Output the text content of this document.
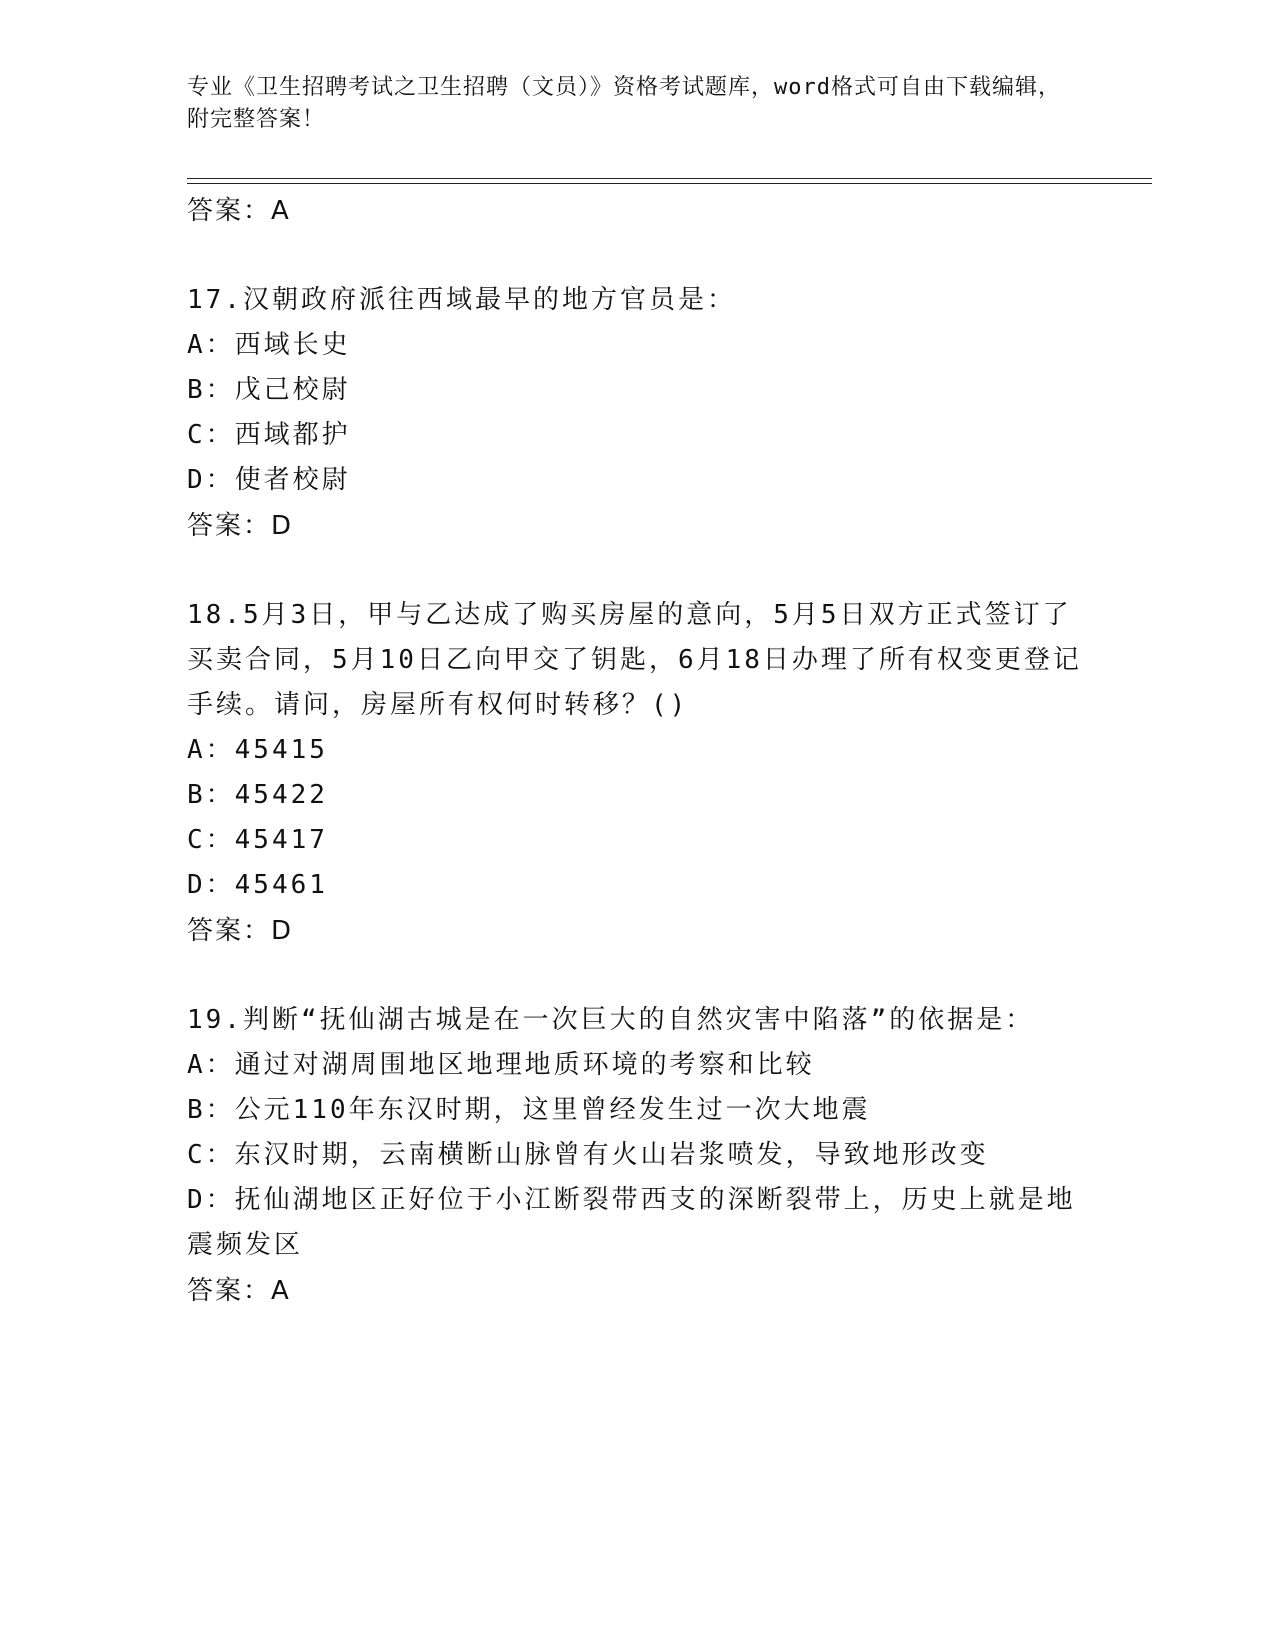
专业《卫生招聘考试之卫生招聘（文员）》资格考试题库，word格式可自由下载编辑，附完整答案！
答案：A
17.汉朝政府派往西域最早的地方官员是：
A：西域长史
B：戊己校尉
C：西域都护
D：使者校尉
答案：D
18.5月3日，甲与乙达成了购买房屋的意向，5月5日双方正式签订了买卖合同，5月10日乙向甲交了钥匙，6月18日办理了所有权变更登记手续。请问，房屋所有权何时转移？()
A：45415
B：45422
C：45417
D：45461
答案：D
19.判断“抚仙湖古城是在一次巨大的自然灾害中陷落”的依据是：
A：通过对湖周围地区地理地质环境的考察和比较
B：公元110年东汉时期，这里曾经发生过一次大地震
C：东汉时期，云南横断山脉曾有火山岩浆喷发，导致地形改变
D：抚仙湖地区正好位于小江断裂带西支的深断裂带上，历史上就是地震频发区
答案：A
